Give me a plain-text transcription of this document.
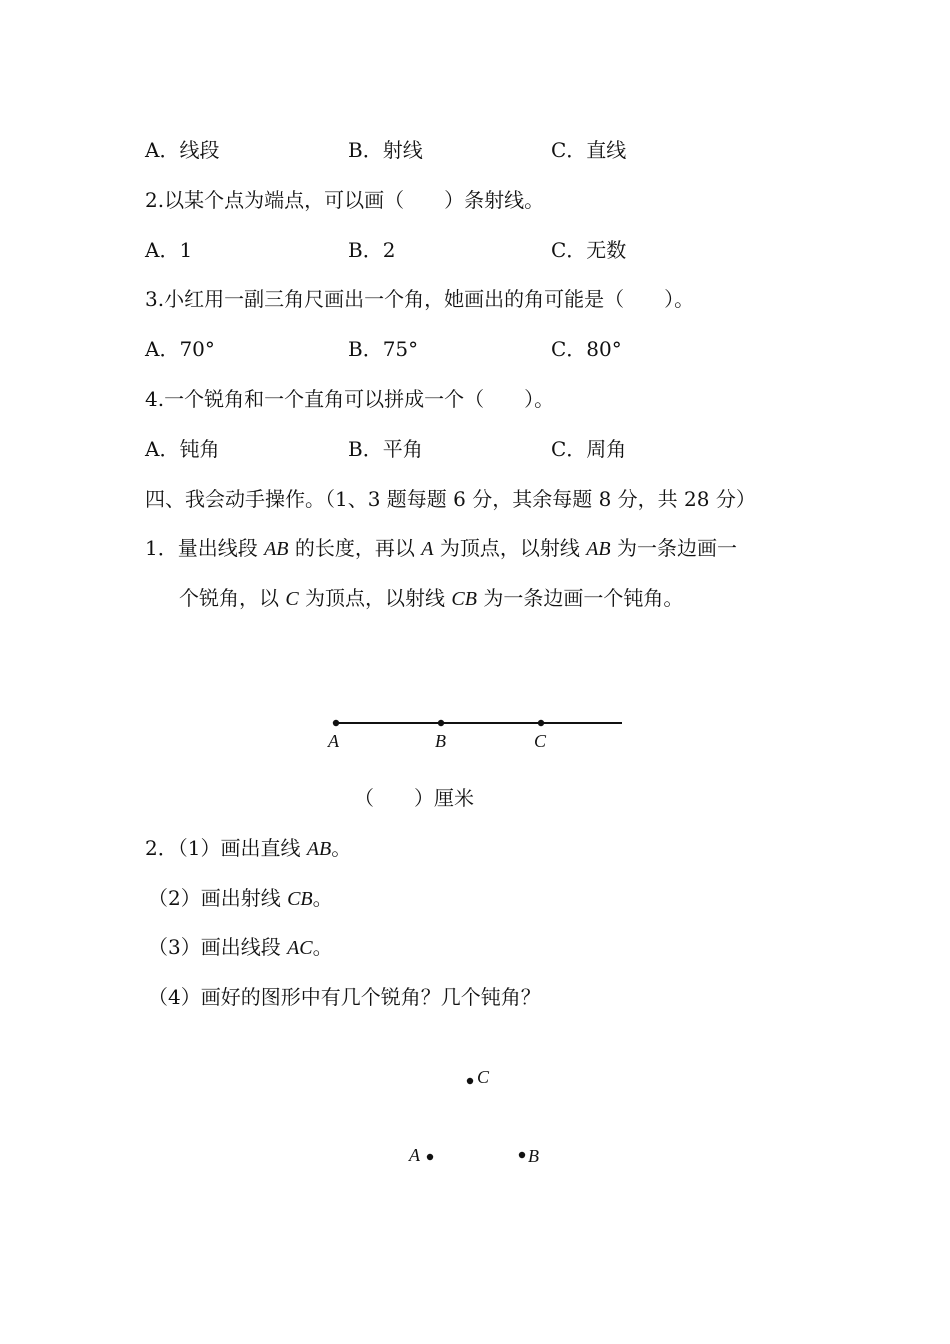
A．线段	B．射线	C．直线
2.以某个点为端点，可以画（　　）条射线。
A．1	B．2	C．无数
3.小红用一副三角尺画出一个角，她画出的角可能是（　　）。
A．70°	B．75°	C．80°
4.一个锐角和一个直角可以拼成一个（　　）。
A．钝角	B．平角	C．周角
四、我会动手操作。（1、3 题每题 6 分，其余每题 8 分，共 28 分）
1．量出线段 AB 的长度，再以 A 为顶点，以射线 AB 为一条边画一
个锐角，以 C 为顶点，以射线 CB 为一条边画一个钝角。
A	B	C
（　　）厘米
2．（1）画出直线 AB。
（2）画出射线 CB。
（3）画出线段 AC。
（4）画好的图形中有几个锐角？几个钝角？
C
A	B
